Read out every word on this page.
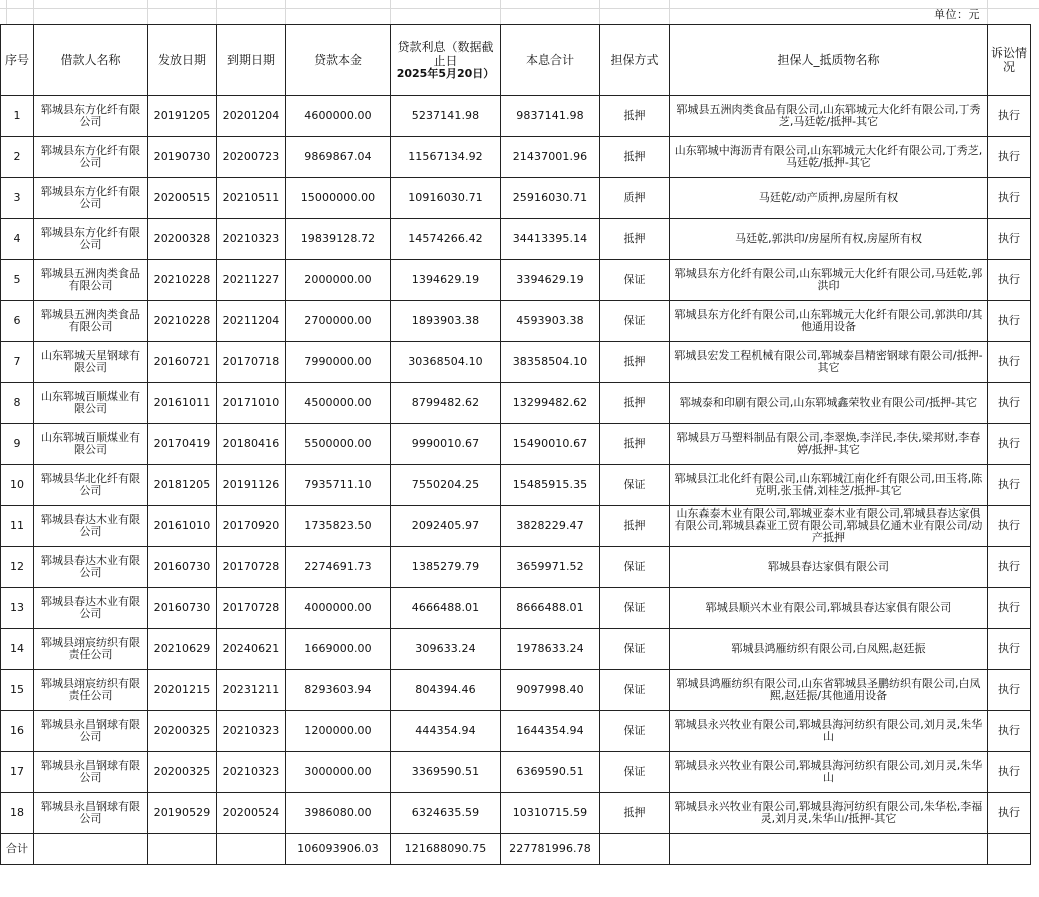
单位：元
序号	借款人名称	发放日期	到期日期	贷款本金	贷款利息（数据截止日
2025年5月20日）	本息合计	担保方式	担保人_抵质物名称	诉讼情况
1	郓城县东方化纤有限公司	20191205	20201204	4600000.00	5237141.98	9837141.98	抵押	郓城县五洲肉类食品有限公司,山东郓城元大化纤有限公司,丁秀芝,马廷乾/抵押-其它	执行
2	郓城县东方化纤有限公司	20190730	20200723	9869867.04	11567134.92	21437001.96	抵押	山东郓城中海沥青有限公司,山东郓城元大化纤有限公司,丁秀芝,马廷乾/抵押-其它	执行
3	郓城县东方化纤有限公司	20200515	20210511	15000000.00	10916030.71	25916030.71	质押	马廷乾/动产质押,房屋所有权	执行
4	郓城县东方化纤有限公司	20200328	20210323	19839128.72	14574266.42	34413395.14	抵押	马廷乾,郭洪印/房屋所有权,房屋所有权	执行
5	郓城县五洲肉类食品有限公司	20210228	20211227	2000000.00	1394629.19	3394629.19	保证	郓城县东方化纤有限公司,山东郓城元大化纤有限公司,马廷乾,郭洪印	执行
6	郓城县五洲肉类食品有限公司	20210228	20211204	2700000.00	1893903.38	4593903.38	保证	郓城县东方化纤有限公司,山东郓城元大化纤有限公司,郭洪印/其他通用设备	执行
7	山东郓城天星钢球有限公司	20160721	20170718	7990000.00	30368504.10	38358504.10	抵押	郓城县宏发工程机械有限公司,郓城泰昌精密钢球有限公司/抵押-其它	执行
8	山东郓城百顺煤业有限公司	20161011	20171010	4500000.00	8799482.62	13299482.62	抵押	郓城泰和印刷有限公司,山东郓城鑫荣牧业有限公司/抵押-其它	执行
9	山东郓城百顺煤业有限公司	20170419	20180416	5500000.00	9990010.67	15490010.67	抵押	郓城县万马塑料制品有限公司,李翠焕,李洋民,李伕,梁邦财,李春婷/抵押-其它	执行
10	郓城县华北化纤有限公司	20181205	20191126	7935711.10	7550204.25	15485915.35	保证	郓城县江北化纤有限公司,山东郓城江南化纤有限公司,田玉将,陈克明,张玉倩,刘桂芝/抵押-其它	执行
11	郓城县春达木业有限公司	20161010	20170920	1735823.50	2092405.97	3828229.47	抵押	山东森泰木业有限公司,郓城亚泰木业有限公司,郓城县春达家俱有限公司,郓城县森亚工贸有限公司,郓城县亿通木业有限公司/动产抵押	执行
12	郓城县春达木业有限公司	20160730	20170728	2274691.73	1385279.79	3659971.52	保证	郓城县春达家俱有限公司	执行
13	郓城县春达木业有限公司	20160730	20170728	4000000.00	4666488.01	8666488.01	保证	郓城县顺兴木业有限公司,郓城县春达家俱有限公司	执行
14	郓城县翊宸纺织有限责任公司	20210629	20240621	1669000.00	309633.24	1978633.24	保证	郓城县鸿雁纺织有限公司,白凤熙,赵廷振	执行
15	郓城县翊宸纺织有限责任公司	20201215	20231211	8293603.94	804394.46	9097998.40	保证	郓城县鸿雁纺织有限公司,山东省郓城县圣鹏纺织有限公司,白凤熙,赵廷振/其他通用设备	执行
16	郓城县永昌钢球有限公司	20200325	20210323	1200000.00	444354.94	1644354.94	保证	郓城县永兴牧业有限公司,郓城县海河纺织有限公司,刘月灵,朱华山	执行
17	郓城县永昌钢球有限公司	20200325	20210323	3000000.00	3369590.51	6369590.51	保证	郓城县永兴牧业有限公司,郓城县海河纺织有限公司,刘月灵,朱华山	执行
18	郓城县永昌钢球有限公司	20190529	20200524	3986080.00	6324635.59	10310715.59	抵押	郓城县永兴牧业有限公司,郓城县海河纺织有限公司,朱华松,李福灵,刘月灵,朱华山/抵押-其它	执行
合计				106093906.03	121688090.75	227781996.78			
